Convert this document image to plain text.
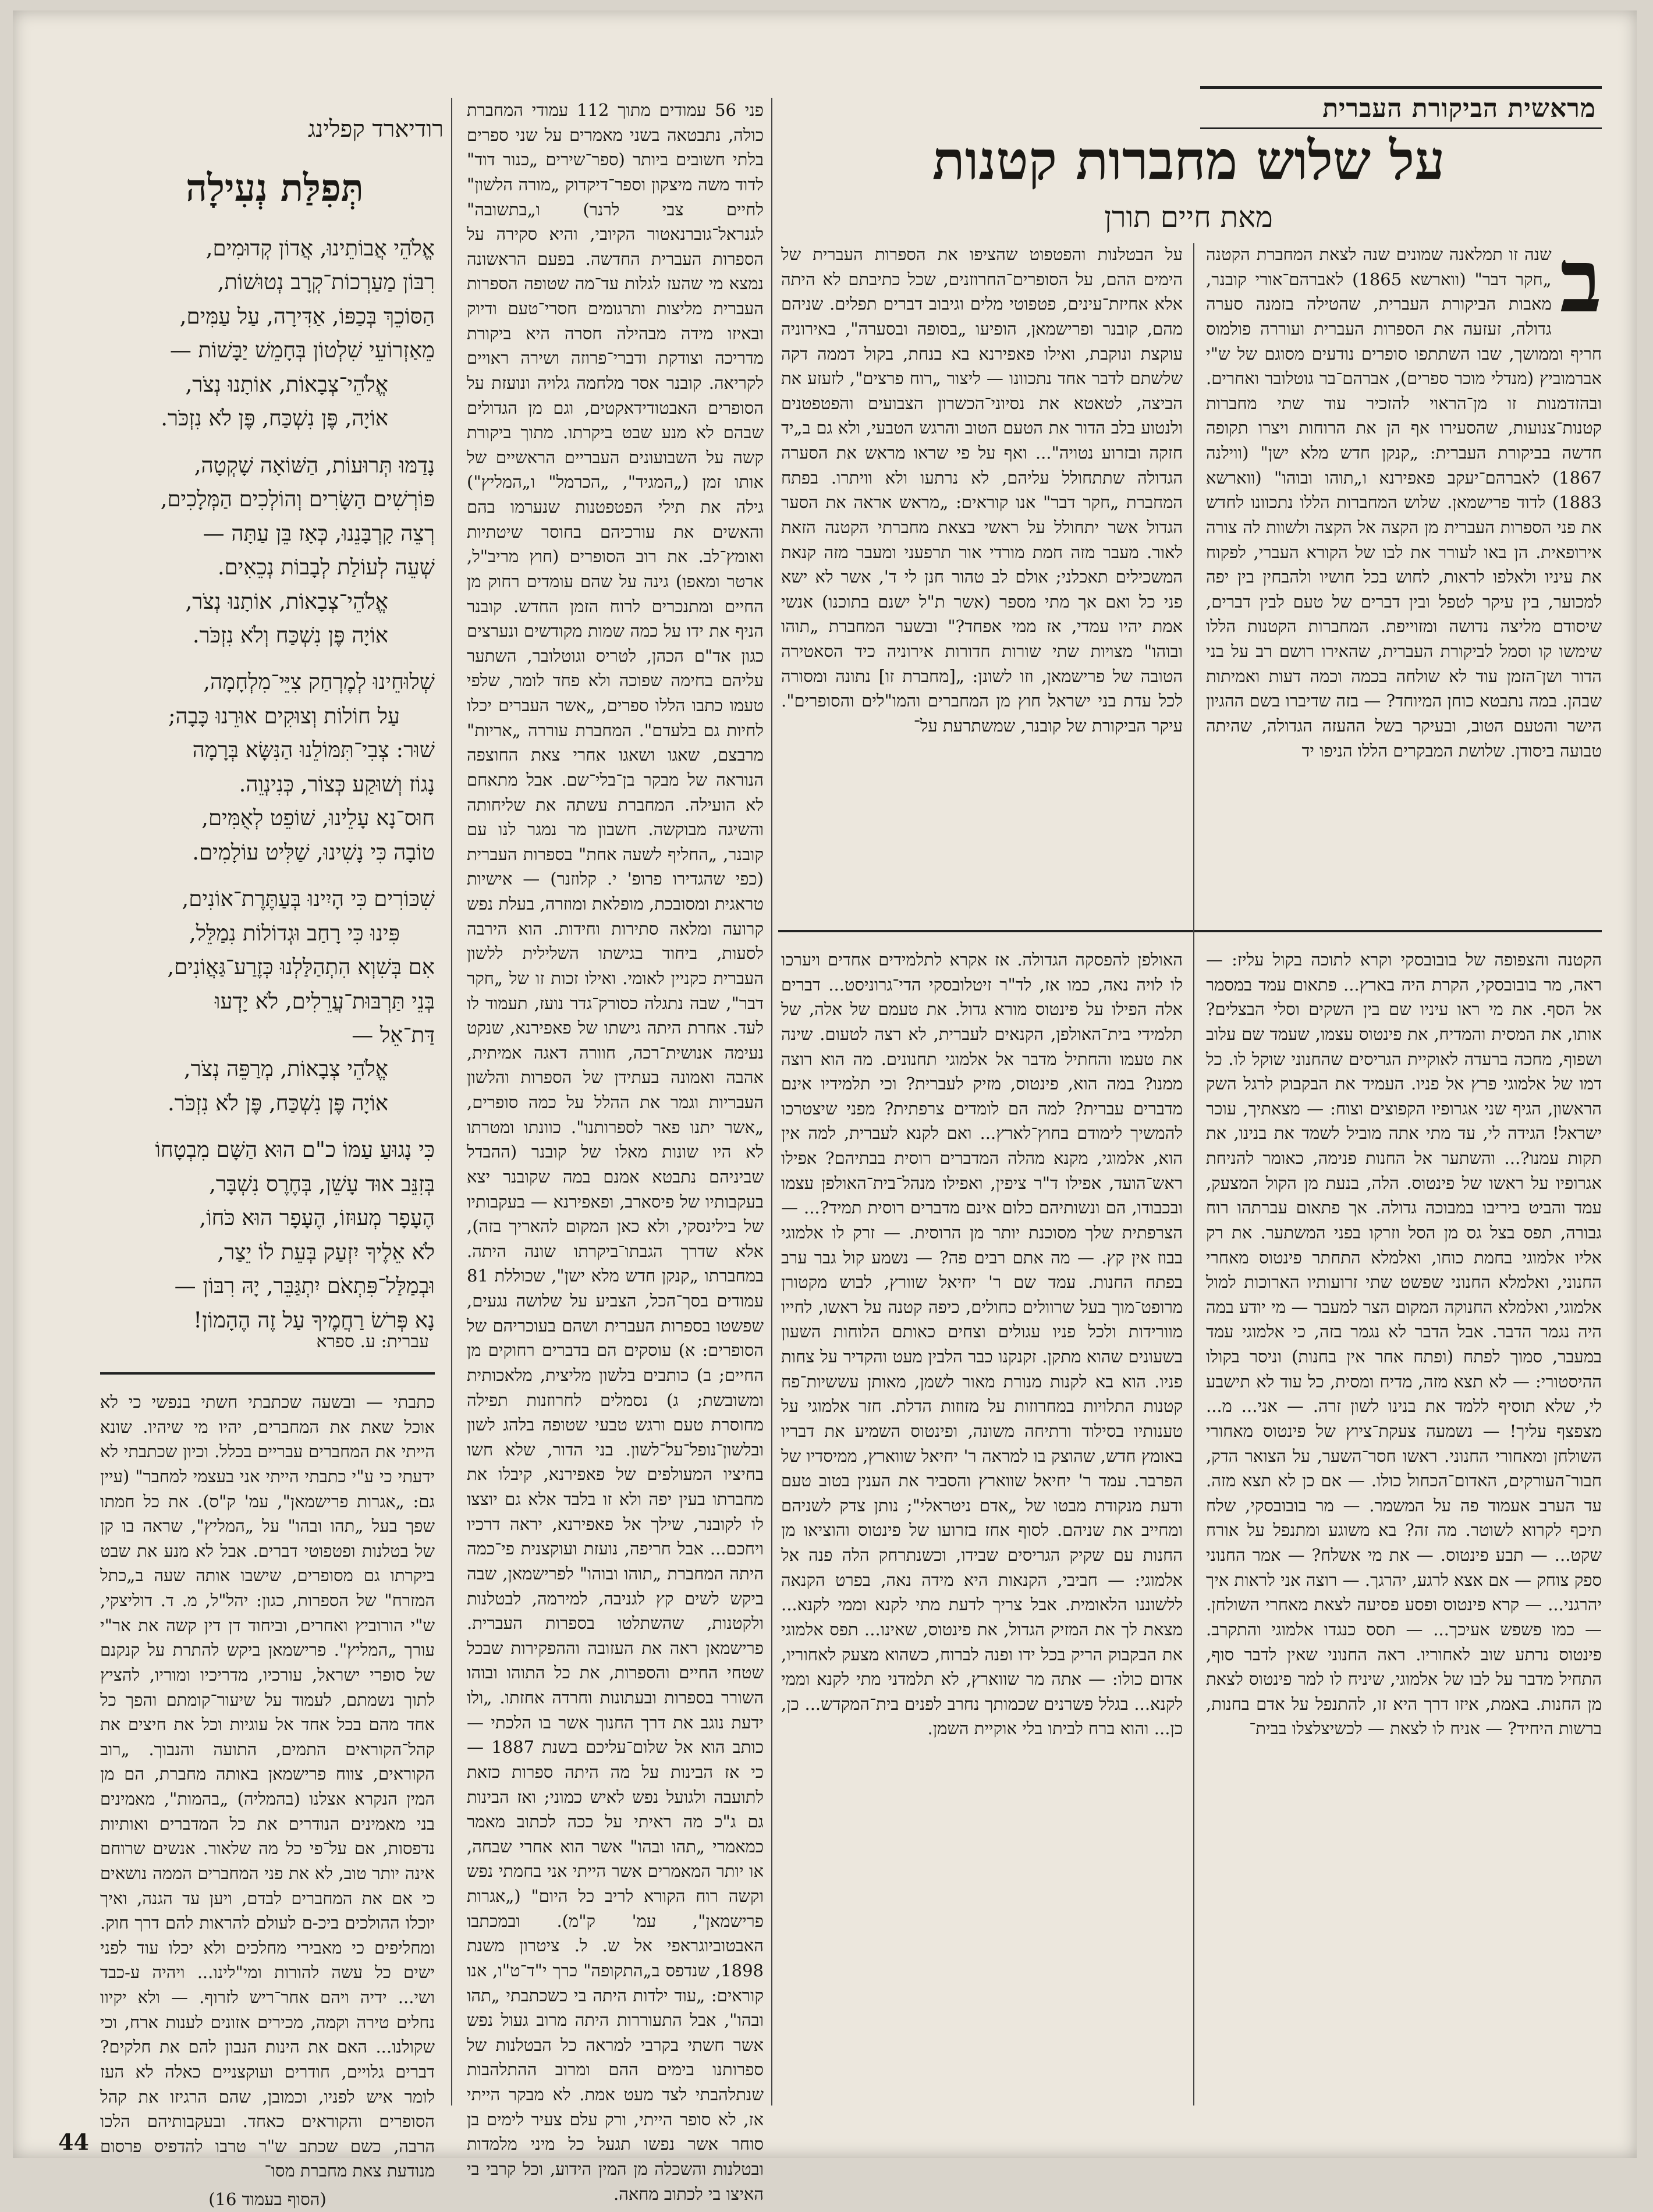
מראשית הביקורת העברית
על שלוש מחברות קטנות
מאת חיים תורן
ב
שנה זו תמלאנה שמונים שנה לצאת המחברת הקטנה „חקר דבר" (ווארשא 1865) לאברהם־אורי קובנר, מאבות הביקורת העברית, שהטילה בזמנה סערה גדולה, זעזעה את הספרות העברית ועוררה פולמוס חריף וממושך, שבו השתתפו סופרים נודעים מסוגם של ש"י אברמוביץ (מנדלי מוכר ספרים), אברהם־בר גוטלובר ואחרים. ובהזדמנות זו מן־הראוי להזכיר עוד שתי מחברות קטנות־צנועות, שהסעירו אף הן את הרוחות ויצרו תקופה חדשה בביקורת העברית: „קנקן חדש מלא ישן" (ווילנה 1867) לאברהם־יעקב פאפירנא ו„תוהו ובוהו" (ווארשא 1883) לדוד פרישמאן. שלוש המחברות הללו נתכוונו לחדש את פני הספרות העברית מן הקצה אל הקצה ולשוות לה צורה אירופאית. הן באו לעורר את לבו של הקורא העברי, לפקוח את עיניו ולאלפו לראות, לחוש בכל חושיו ולהבחין בין יפה למכוער, בין עיקר לטפל ובין דברים של טעם לבין דברים, שיסודם מליצה נדושה ומזוייפת. המחברות הקטנות הללו שימשו קו וסמל לביקורת העברית, שהאירו רושם רב על בני הדור ושן־הזמן עוד לא שולחה בכמה וכמה דעות ואמיתות שבהן. במה נתבטא כוחן המיוחד? — בזה שדיברו בשם ההגיון הישר והטעם הטוב, ובעיקר בשל ההעזה הגדולה, שהיתה טבועה ביסודן. שלושת המבקרים הללו הניפו יד
על הבטלנות והפטפוט שהציפו את הספרות העברית של הימים ההם, על הסופרים־החרוזנים, שכל כתיבתם לא היתה אלא אחיזת־עינים, פטפוטי מלים וגיבוב דברים תפלים. שניהם מהם, קובנר ופרישמאן, הופיעו „בסופה ובסערה", באירוניה עוקצת ונוקבת, ואילו פאפירנא בא בנחת, בקול דממה דקה שלשתם לדבר אחד נתכוונו — ליצור „רוח פרצים", לזעזע את הביצה, לטאטא את נסיוני־הכשרון הצבועים והפטפטנים ולנטוע בלב הדור את הטעם הטוב והרגש הטבעי, ולא גם ב„יד חזקה ובזרוע נטויה"... ואף על פי שראו מראש את הסערה הגדולה שתתחולל עליהם, לא נרתעו ולא וויתרו. בפתח המחברת „חקר דבר" אנו קוראים: „מראש אראה את הסער הגדול אשר יתחולל על ראשי בצאת מחברתי הקטנה הזאת לאור. מעבר מזה חמת מורדי אור תרפעני ומעבר מזה קנאת המשכילים תאכלני; אולם לב טהור חנן לי ד', אשר לא ישא פני כל ואם אך מתי מספר (אשר ת"ל ישנם בתוכנו) אנשי אמת יהיו עמדי, אז ממי אפחד?" ובשער המחברת „תוהו ובוהו" מצויות שתי שורות חדורות אירוניה כיד הסאטירה הטובה של פרישמאן, וזו לשונן: „[מחברת זו] נתונה ומסורה לכל עדת בני ישראל חוץ מן המחברים והמו"לים והסופרים". עיקר הביקורת של קובנר, שמשתרעת על־
פני 56 עמודים מתוך 112 עמודי המחברת כולה, נתבטאה בשני מאמרים על שני ספרים בלתי חשובים ביותר (ספר־שירים „כנור דוד" לדוד משה מיצקון וספר־דיקדוק „מורה הלשון" לחיים צבי לרנר) ו„בתשובה" לגנראל־גוברנאטור הקיובי, והיא סקירה על הספרות העברית החדשה. בפעם הראשונה נמצא מי שהעז לגלות עד־מה שטופה הספרות העברית מליצות ותרגומים חסרי־טעם ודיוק ובאיזו מידה מבהילה חסרה היא ביקורת מדריכה וצודקת ודברי־פרוזה ושירה ראויים לקריאה. קובנר אסר מלחמה גלויה ונועזת על הסופרים האבטודידאקטים, וגם מן הגדולים שבהם לא מנע שבט ביקרתו. מתוך ביקורת קשה על השבועונים העבריים הראשיים של אותו זמן („המגיד", „הכרמל" ו„המליץ") גילה את תילי הפטפטנות שנערמו בהם והאשים את עורכיהם בחוסר שיטתיות ואומץ־לב. את רוב הסופרים (חוץ מריב"ל, ארטר ומאפו) גינה על שהם עומדים רחוק מן החיים ומתנכרים לרוח הזמן החדש. קובנר הניף את ידו על כמה שמות מקודשים ונערצים כגון אד"ם הכהן, לטריס וגוטלובר, השתער עליהם בחימה שפוכה ולא פחד לומר, שלפי טעמו כתבו הללו ספרים, „אשר העברים יכלו לחיות גם בלעדם". המחברת עוררה „אריות" מרבצם, שאגו ושאגו אחרי צאת החוצפה הנוראה של מבקר בן־בלי־שם. אבל מתאחם לא הועילה. המחברת עשתה את שליחותה והשיגה מבוקשה. חשבון מר נמגר לנו עם קובנר, „החליף לשעה אחת" בספרות העברית (כפי שהגדירו פרופ' י. קלוזנר) — אישיות טראגית ומסובכת, מופלאת ומוזרה, בעלת נפש קרועה ומלאה סתירות וחידות. הוא הירבה לסעות, ביחוד בגישתו השלילית ללשון העברית כקניין לאומי. ואילו זכות זו של „חקר דבר", שבה נתגלה כסורק־גדר נועז, תעמוד לו לעד. אחרת היתה גישתו של פאפירנא, שנקט נעימה אנושית־רכה, חוורה דאגה אמיתית, אהבה ואמונה בעתידן של הספרות והלשון העבריות וגמר את ההלל על כמה סופרים, „אשר יתנו פאר לספרותנו". כוונתו ומטרתו לא היו שונות מאלו של קובנר (ההבדל שביניהם נתבטא אמנם במה שקובנר יצא בעקבותיו של פיסארב, ופאפירנא — בעקבותיו של בילינסקי, ולא כאן המקום להאריך בזה), אלא שדרך הגבתו־ביקרתו שונה היתה. במחברתו „קנקן חדש מלא ישן", שכוללת 81 עמודים בסך־הכל, הצביע על שלושה נגעים, שפשטו בספרות העברית ושהם בעוכריהם של הסופרים: א) עוסקים הם בדברים רחוקים מן החיים; ב) כותבים בלשון מליצית, מלאכותית ומשובשת; ג) נסמלים לחרוזנות תפילה מחוסרת טעם ורגש טבעי שטופה בלהג לשון ובלשון־נופל־על־לשון. בני הדור, שלא חשו בחיציו המעולפים של פאפירנא, קיבלו את מחברתו בעין יפה ולא זו בלבד אלא גם יוצצו לו לקובנר, שילך אל פאפירנא, יראה דרכיו ויחכם... אבל חריפה, נועזת ועוקצנית פי־כמה היתה המחברת „תוהו ובוהו" לפרישמאן, שבה ביקש לשים קץ לגניבה, למירמה, לבטלנות ולקטנות, שהשתלטו בספרות העברית. פרישמאן ראה את העזובה וההפקירות שבכל שטחי החיים והספרות, את כל התוהו ובוהו השורר בספרות ובעתונות וחרדה אחזתו. „ולו ידעת נוגב את דרך החנוך אשר בו הלכתי — כותב הוא אל שלום־עליכם בשנת 1887 — כי אז הבינות על מה היתה ספרות כזאת לתועבה ולגועל נפש לאיש כמוני; ואז הבינות גם ג"כ מה ראיתי על ככה לכתוב מאמר כמאמרי „תהו ובהו" אשר הוא אחרי שבחה, או יותר המאמרים אשר הייתי אני בחמתי נפש וקשה רוח הקורא לריב כל היום" („אגרות פרישמאן", עמ' ק"מ). ובמכתבו האבטוביוגראפי אל ש. ל. ציטרון משנת 1898, שנדפס ב„התקופה" כרך י"ד־ט"ו, אנו קוראים: „עוד ילדות היתה בי כשכתבתי „תהו ובהו", אבל התעוררות היתה מרוב געול נפש אשר חשתי בקרבי למראה כל הבטלנות של ספרותנו בימים ההם ומרוב ההתלהבות שנתלהבתי לצד מעט אמת. לא מבקר הייתי אז, לא סופר הייתי, ורק עלם צעיר לימים בן סוחר אשר נפשו תגעל כל מיני מלמדות ובטלנות והשכלה מן המין הידוע, וכל קרבי בי האיצו בי לכתוב מחאה.
כתבתי — ובשעה שכתבתי חשתי בנפשי כי לא אוכל שאת את המחברים, יהיו מי שיהיו. שונא הייתי את המחברים עבריים בכלל. וכיון שכתבתי לא ידעתי כי ע"י כתבתי הייתי אני בעצמי למחבר" (עיין גם: „אגרות פרישמאן", עמ' ק"ס). את כל חמתו שפך בעל „תהו ובהו" על „המליץ", שראה בו קן של בטלנות ופטפוטי דברים. אבל לא מנע את שבט ביקרתו גם מסופרים, שישבו אותה שעה ב„כתל המזרח" של הספרות, כגון: יהל"ל, מ. ד. דוליצקי, ש"י הורוביץ ואחרים, וביחוד דן דין קשה את אר"י עורך „המליץ". פרישמאן ביקש להתרת על קנקנם של סופרי ישראל, עורכיו, מדריכיו ומוריו, להציץ לתוך נשמתם, לעמוד על שיעור־קומתם והפך כל אחד מהם בכל אחד אל עוגיות וכל את חיצים את קהל־הקוראים התמים, התועה והנבוך. „רוב הקוראים, צווח פרישמאן באותה מחברת, הם מן המין הנקרא אצלנו (בהמליה) „בהמות", מאמינים בני מאמינים הנודרים את כל המדברים ואותיות נדפסות, אם על־פי כל מה שלאור. אנשים שרוחם אינה יותר טוב, לא את פני המחברים הממה נושאים כי אם את המחברים לבדם, ויען עד הגנה, ואיך יוכלו ההולכים ביכ-ם לעולם להראות להם דרך חוק. ומחליפים כי מאבירי מחלכים ולא יכלו עוד לפני ישים כל עשה להורות ומי"לינו... ויהיה ע-כבד ושי... ידיה ויהם אחר־ריש לזרוף. — ולא יקיוו נחלים טירה וקמה, מכירים אזונים לענות ארח, וכי שקולנו... האם את הינות הנבון להם את חלקים? דברים גלויים, חודרים ועוקצניים כאלה לא העז לומר איש לפניו, וכמובן, שהם הרגיזו את קהל הסופרים והקוראים כאחד. ובעקבותיהם הלכו הרבה, כשם שכתב ש"ר טרבו להדפיס פרסום מנודעת צאת מחברת מסו־
(הסוף בעמוד 16)
הקטנה והצפופה של בובובסקי וקרא לתוכה בקול עליז: — ראה, מר בובובסקי, הקרת היה בארץ... פתאום עמד במסמר אל הסף. את מי ראו עיניו שם בין השקים וסלי הבצלים? אותו, את המסית והמדיח, את פינטוס עצמו, שעמד שם עלוב ושפוף, מחכה ברעדה לאוקיית הגריסים שהחנוני שוקל לו. כל דמו של אלמוגי פרץ אל פניו. העמיד את הבקבוק לרגל השק הראשון, הגיף שני אגרופיו הקפוצים וצוח: — מצאתיך, עוכר ישראל! הגידה לי, עד מתי אתה מוביל לשמד את בנינו, את תקות עמנו?... והשתער אל החנות פנימה, כאומר להניחת אגרופיו על ראשו של פינטוס. הלה, בנעת מן הקול המצעק, עמד והביט ביריבו במבוכה גדולה. אך פתאום עברתהו רוח גבורה, תפס בצל גס מן הסל וזרקו בפני המשתער. את רק אליו אלמוגי בחמת כוחו, ואלמלא התחתר פינטוס מאחרי החנוני, ואלמלא החנוני שפשט שתי זרועותיו הארוכות למול אלמוגי, ואלמלא החנוקה המקום הצר למעבר — מי יודע במה היה נגמר הדבר. אבל הדבר לא נגמר בזה, כי אלמוגי עמד במעבר, סמוך לפתח (ופתח אחר אין בחנות) וניסר בקולו ההיסטורי: — לא תצא מזה, מדיח ומסית, כל עוד לא תישבע לי, שלא תוסיף ללמד את בנינו לשון זרה. — אני... מ... מצפצף עליך! — נשמעה צעקת־ציוץ של פינטוס מאחורי השולחן ומאחורי החנוני. ראשו חסר־השער, על הצואר הדק, חבור־העורקים, האדום־הכחול כולו. — אם כן לא תצא מזה. עד הערב אעמוד פה על המשמר. — מר בובובסקי, שלח תיכף לקרוא לשוטר. מה זה? בא משוגע ומתנפל על אורח שקט... — תבע פינטוס. — את מי אשלח? — אמר החנוני ספק צוחק — אם אצא לרגע, יהרגך. — רוצה אני לראות איך יהרגני... — קרא פינטוס ופסע פסיעה לצאת מאחרי השולחן. — כמו פשפש אעיכך... — תסס כנגדו אלמוגי והתקרב. פינטוס נרתע שוב לאחוריו. ראה החנוני שאין לדבר סוף, התחיל מדבר על לבו של אלמוגי, שיניח לו למר פינטוס לצאת מן החנות. באמת, איזו דרך היא זו, להתנפל על אדם בחנות, ברשות היחיד? — אניח לו לצאת — לכשיצלצלו בבית־
האולפן להפסקה הגדולה. אז אקרא לתלמידים אחדים ויערכו לו לויה נאה, כמו אז, לד"ר זיטלובסקי הדי־גרוניסט... דברים אלה הפילו על פינטוס מורא גדול. את טעמם של אלה, של תלמידי בית־האולפן, הקנאים לעברית, לא רצה לטעום. שינה את טעמו והחתיל מדבר אל אלמוגי תחנונים. מה הוא רוצה ממנו? במה הוא, פינטוס, מזיק לעברית? וכי תלמידיו אינם מדברים עברית? למה הם לומדים צרפתית? מפני שיצטרכו להמשיך לימודם בחוץ־לארץ... ואם לקנא לעברית, למה אין הוא, אלמוגי, מקנא מהלה המדברים רוסית בבתיהם? אפילו ראש־הועד, אפילו ד"ר ציפין, ואפילו מנהל־בית־האולפן עצמו ובכבודו, הם ונשותיהם כלום אינם מדברים רוסית תמיד?... — הצרפתית שלך מסוכנת יותר מן הרוסית. — זרק לו אלמוגי בבוז אין קץ. — מה אתם רבים פה? — נשמע קול גבר ערב בפתח החנות. עמד שם ר' יחיאל שוורץ, לבוש מקטורן מרופט־מוך בעל שרוולים כחולים, כיפה קטנה על ראשו, לחייו מוורידות ולכל פניו עגולים וצחים כאותם הלוחות השעון בשעונים שהוא מתקן. זקנקנו כבר הלבין מעט והקדיר על צחות פניו. הוא בא לקנות מנורת מאור לשמן, מאותן עששיות־פח קטנות התלויות במחרוזות על מזוזות הדלת. חזר אלמוגי על טענותיו בסילוד ורתיחה משונה, ופינטוס השמיע את דבריו באומץ חדש, שהוצק בו למראה ר' יחיאל שווארץ, ממיסדיו של הפרבר. עמד ר' יחיאל שווארץ והסביר את הענין בטוב טעם ודעת מנקודת מבטו של „אדם ניטראלי"; נותן צדק לשניהם ומחייב את שניהם. לסוף אחז בזרועו של פינטוס והוציאו מן החנות עם שקיק הגריסים שבידו, וכשנתרחק הלה פנה אל אלמוגי: — חביבי, הקנאות היא מידה נאה, בפרט הקנאה ללשוננו הלאומית. אבל צריך לדעת מתי לקנא וממי לקנא... מצאת לך את המזיק הגדול, את פינטוס, שאינו... תפס אלמוגי את הבקבוק הריק בכל ידו ופנה לברוח, כשהוא מצעק לאחוריו, אדום כולו: — אתה מר שווארץ, לא תלמדני מתי לקנא וממי לקנא... בגלל פשרנים שכמותך נחרב לפנים בית־המקדש... כן, כן... והוא ברח לביתו בלי אוקיית השמן.
רודיארד קפלינג
תְּפִלַּת נְעִילָה
אֱלֹהֵי אֲבוֹתֵינוּ, אֲדוֹן קְדוּמִים,
רִבּוֹן מַעַרְכוֹת־קְרָב נְטוּשׁוֹת,
הַסּוֹכֵךְ בְּכַפּוֹ, אַדִּירָה, עַל עַמִּים,
מֵאַזְרוֹעֵי שִׁלְטוֹן בְּחָמֵשׁ יַבָּשׁוֹת —
אֱלֹהֵי־צְבָאוֹת, אוֹתָנוּ נְצֹר,
אוֹיָה, פֶּן נִשְׁכַּח, פֶּן לֹא נִזְכֹּר.
נָדַמּוּ תְּרוּעוֹת, הַשּׁוֹאָה שָׁקְטָה,
פּוֹרְשִׁים הַשָּׂרִים וְהוֹלְכִים הַמְּלָכִים,
רְצֵה קָרְבָּנֵנוּ, כְּאָז בֵּן עַתָּה —
שְׁעֵה לְעוֹלַת לְבָבוֹת נְכֵאִים.
אֱלֹהֵי־צְבָאוֹת, אוֹתָנוּ נְצֹר,
אוֹיָה פֶּן נִשְׁכַּח וְלֹא נִזְכֹּר.
שְׁלוּחֵינוּ לְמֶרְחַק צִיֵּי־מִלְחָמָה,
עַל חוֹלוֹת וְצוּקִים אוּרֵנוּ כָּבָה;
שׁוּר: צְבִי־תִּמּוֹלֵנוּ הַנִּשָּׂא בְּרָמָה
נָגוֹז וְשׁוּקַע כְּצוֹר, כְּנִינְוֵה.
חוּס־נָא עָלֵינוּ, שׁוֹפֵט לְאֻמִּים,
טוֹבָה כִּי נָשִׁינוּ, שַׁלִּיט עוֹלָמִים.
שִׁכּוֹרִים כִּי הָיִינוּ בְּעַתֶּרֶת־אוֹנִים,
פִּינוּ כִּי רָחַב וּגְדוֹלוֹת נִמַלֵּל,
אִם בְּשִׁוְא הִתְהַלַּלְנוּ כְּזֶרַע־גַּאֲוֹנִים,
בְּנֵי תַּרְבּוּת־עֲרֵלִים, לֹא יָדְעוּ
דַּת־אֵל —
אֱלֹהֵי צְבָאוֹת, מְרַפֵּה נְצֹר,
אוֹיָה פֶּן נִשְׁכַּח, פֶּן לֹא נִזְכֹּר.
כִּי נָגוּעַ עַמּוֹ כ"ם הוּא הַשָּׁם מִבְטָחוֹ
בְּזִנֵּב אוּד עָשֵׁן, בְּחֶרֶס נִשְׁבָּר,
הֶעָפָר מְעוּזוֹ, הֶעָפָר הוּא כֹּחוֹ,
לֹא אֵלֶיךָ יִזְעַק בְּעֵת לוֹ יֵצַר,
וּבְמַלַּל־פִּתְאֹם יִתְגַּבֵּר, יָהּ רִבּוֹן —
נָא פְּרֹשׂ רַחֲמֶיךָ עַל זֶה הֶהָמוֹן!
עברית: ע. ספרא
44
